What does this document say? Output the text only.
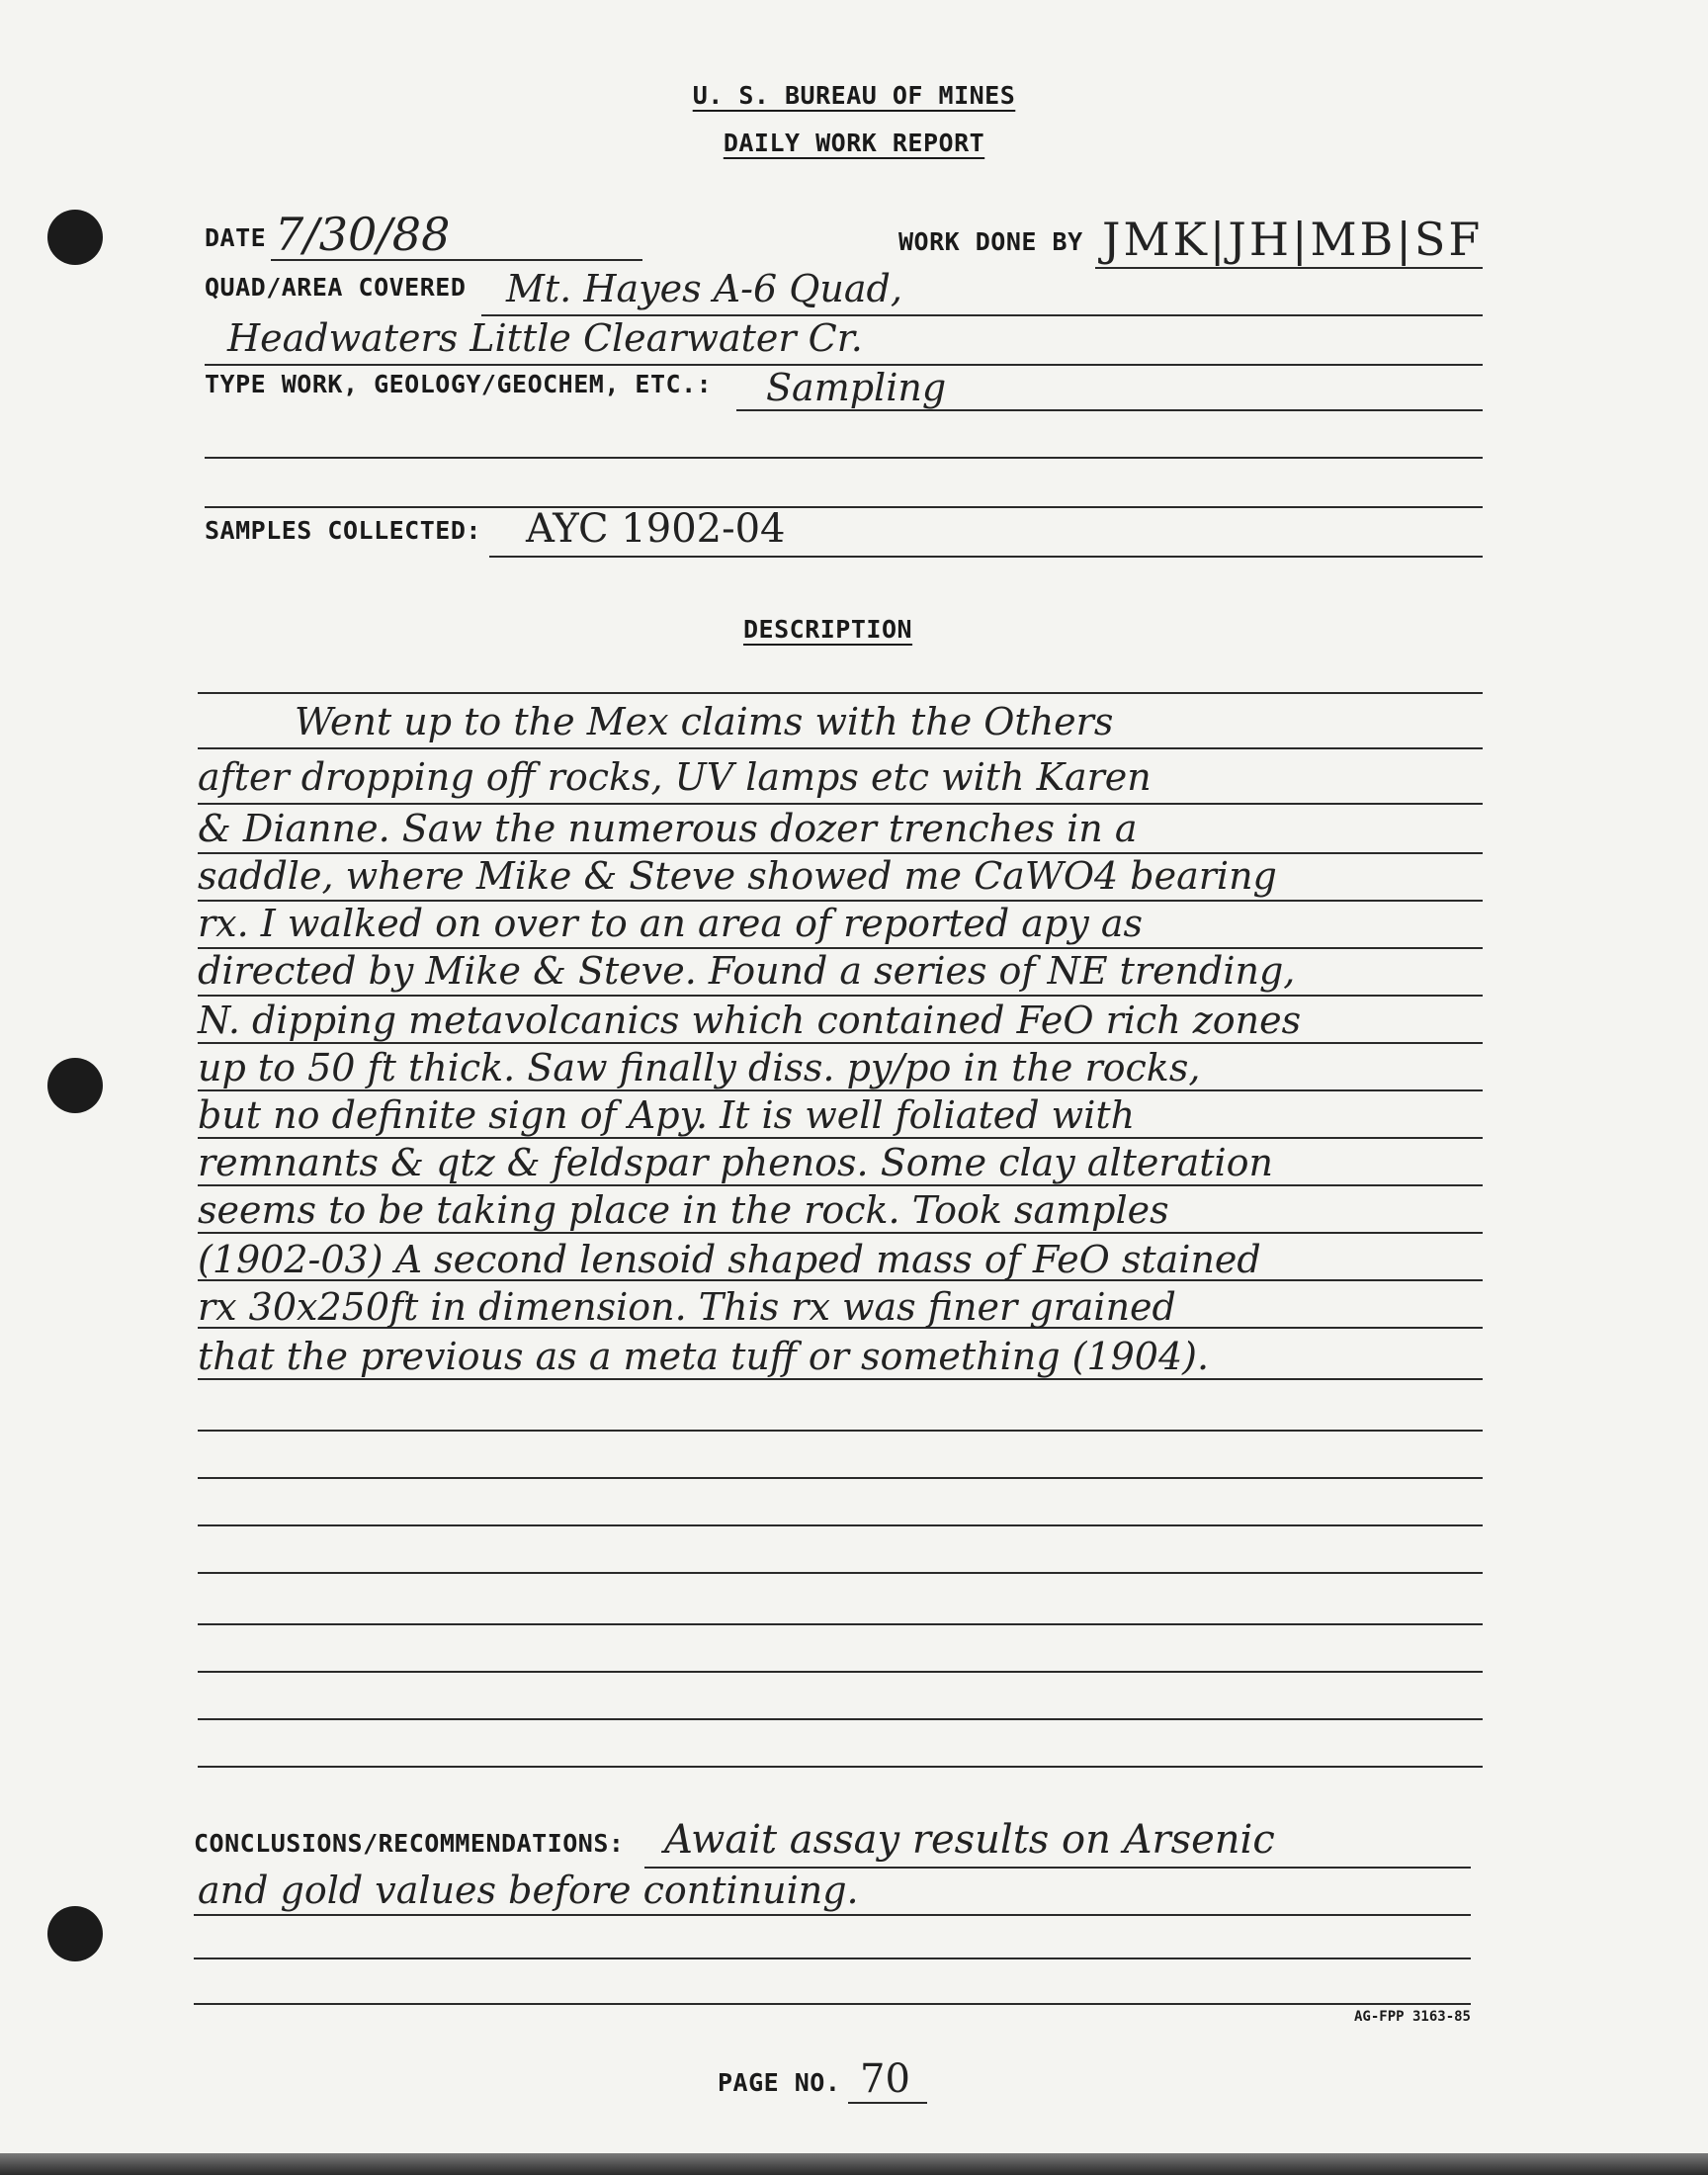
U. S. BUREAU OF MINES
DAILY WORK REPORT
DATE 7/30/88	WORK DONE BY JMK|JH|MB|SF
QUAD/AREA COVERED Mt. Hayes A-6 Quad,
Headwaters Little Clearwater Cr.
TYPE WORK, GEOLOGY/GEOCHEM, ETC.: Sampling
SAMPLES COLLECTED: AYC 1902-04
DESCRIPTION
Went up to the Mex claims with the Others
after dropping off rocks, UV lamps etc with Karen
& Dianne. Saw the numerous dozer trenches in a
saddle, where Mike & Steve showed me CaWO4 bearing
rx. I walked on over to an area of reported apy as
directed by Mike & Steve. Found a series of NE trending,
N. dipping metavolcanics which contained FeO rich zones
up to 50 ft thick. Saw finally diss. py/po in the rocks,
but no definite sign of Apy. It is well foliated with
remnants & qtz & feldspar phenos. Some clay alteration
seems to be taking place in the rock. Took samples
(1902-03) A second lensoid shaped mass of FeO stained
rx 30x250ft in dimension. This rx was finer grained
that the previous as a meta tuff or something (1904).
CONCLUSIONS/RECOMMENDATIONS: Await assay results on Arsenic
and gold values before continuing.
AG-FPP 3163-85
PAGE NO. 70
